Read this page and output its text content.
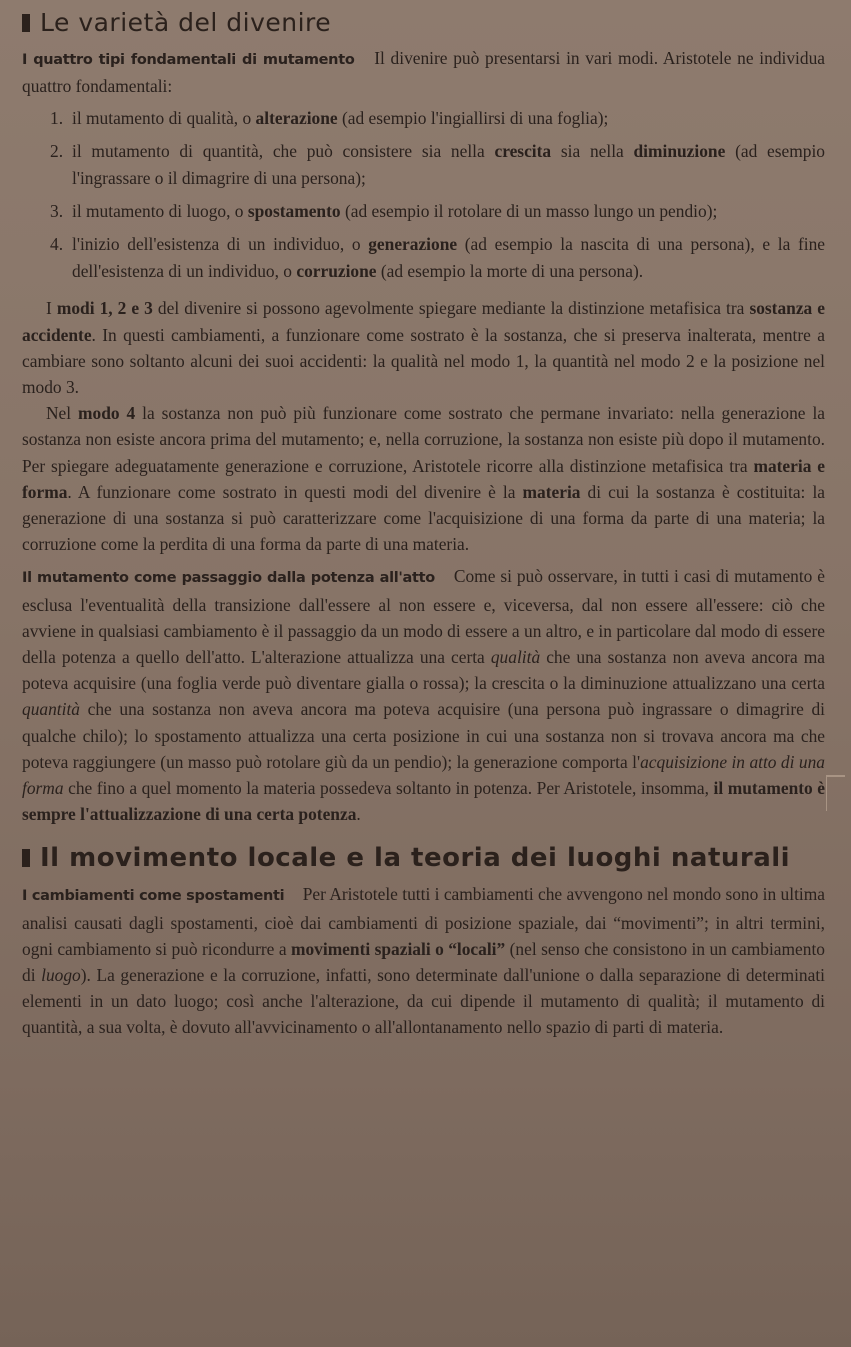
Le varietà del divenire

I quattro tipi fondamentali di mutamento Il divenire può presentarsi in vari modi. Aristotele ne individua quattro fondamentali:

1. il mutamento di qualità, o alterazione (ad esempio l'ingiallirsi di una foglia);
2. il mutamento di quantità, che può consistere sia nella crescita sia nella diminuzione (ad esempio l'ingrassare o il dimagrire di una persona);
3. il mutamento di luogo, o spostamento (ad esempio il rotolare di un masso lungo un pendio);
4. l'inizio dell'esistenza di un individuo, o generazione (ad esempio la nascita di una persona), e la fine dell'esistenza di un individuo, o corruzione (ad esempio la morte di una persona).

I modi 1, 2 e 3 del divenire si possono agevolmente spiegare mediante la distinzione metafisica tra sostanza e accidente. In questi cambiamenti, a funzionare come sostrato è la sostanza, che si preserva inalterata, mentre a cambiare sono soltanto alcuni dei suoi accidenti: la qualità nel modo 1, la quantità nel modo 2 e la posizione nel modo 3.

Nel modo 4 la sostanza non può più funzionare come sostrato che permane invariato: nella generazione la sostanza non esiste ancora prima del mutamento; e, nella corruzione, la sostanza non esiste più dopo il mutamento. Per spiegare adeguatamente generazione e corruzione, Aristotele ricorre alla distinzione metafisica tra materia e forma. A funzionare come sostrato in questi modi del divenire è la materia di cui la sostanza è costituita: la generazione di una sostanza si può caratterizzare come l'acquisizione di una forma da parte di una materia; la corruzione come la perdita di una forma da parte di una materia.

Il mutamento come passaggio dalla potenza all'atto Come si può osservare, in tutti i casi di mutamento è esclusa l'eventualità della transizione dall'essere al non essere e, viceversa, dal non essere all'essere: ciò che avviene in qualsiasi cambiamento è il passaggio da un modo di essere a un altro, e in particolare dal modo di essere della potenza a quello dell'atto. L'alterazione attualizza una certa qualità che una sostanza non aveva ancora ma poteva acquisire (una foglia verde può diventare gialla o rossa); la crescita o la diminuzione attualizzano una certa quantità che una sostanza non aveva ancora ma poteva acquisire (una persona può ingrassare o dimagrire di qualche chilo); lo spostamento attualizza una certa posizione in cui una sostanza non si trovava ancora ma che poteva raggiungere (un masso può rotolare giù da un pendio); la generazione comporta l'acquisizione in atto di una forma che fino a quel momento la materia possedeva soltanto in potenza. Per Aristotele, insomma, il mutamento è sempre l'attualizzazione di una certa potenza.

Il movimento locale e la teoria dei luoghi naturali

I cambiamenti come spostamenti Per Aristotele tutti i cambiamenti che avvengono nel mondo sono in ultima analisi causati dagli spostamenti, cioè dai cambiamenti di posizione spaziale, dai “movimenti”; in altri termini, ogni cambiamento si può ricondurre a movimenti spaziali o “locali” (nel senso che consistono in un cambiamento di luogo). La generazione e la corruzione, infatti, sono determinate dall'unione o dalla separazione di determinati elementi in un dato luogo; così anche l'alterazione, da cui dipende il mutamento di qualità; il mutamento di quantità, a sua volta, è dovuto all'avvicinamento o all'allontanamento nello spazio di parti di materia.
